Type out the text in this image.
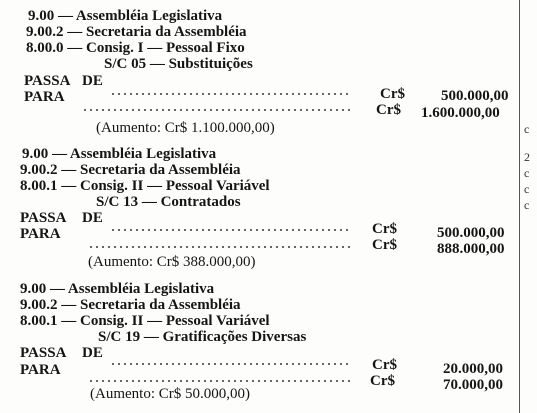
9.00 — Assembléia Legislativa
9.00.2 — Secretaria da Assembléia
8.00.0 — Consig. I — Pessoal Fixo
S/C 05 — Substituições
PASSA DE
Cr$ 500.000,00
PARA
Cr$ 1.600.000,00
(Aumento: Cr$ 1.100.000,00)
9.00 — Assembléia Legislativa
9.00.2 — Secretaria da Assembléia
8.00.1 — Consig. II — Pessoal Variável
S/C 13 — Contratados
PASSA DE
Cr$	500.000,00
PARA
Cr$	888.000,00
(Aumento: Cr$ 388.000,00)
9.00 — Assembléia Legislativa
9.00.2 — Secretaria da Assembléia
8.00.1 — Consig. II — Pessoal Variável
S/C 19 — Gratificações Diversas
PASSA DE
Cr$	20.000,00
PARA
Cr$	70.000,00
(Aumento: Cr$ 50.000,00)
c
2
c
c
c
